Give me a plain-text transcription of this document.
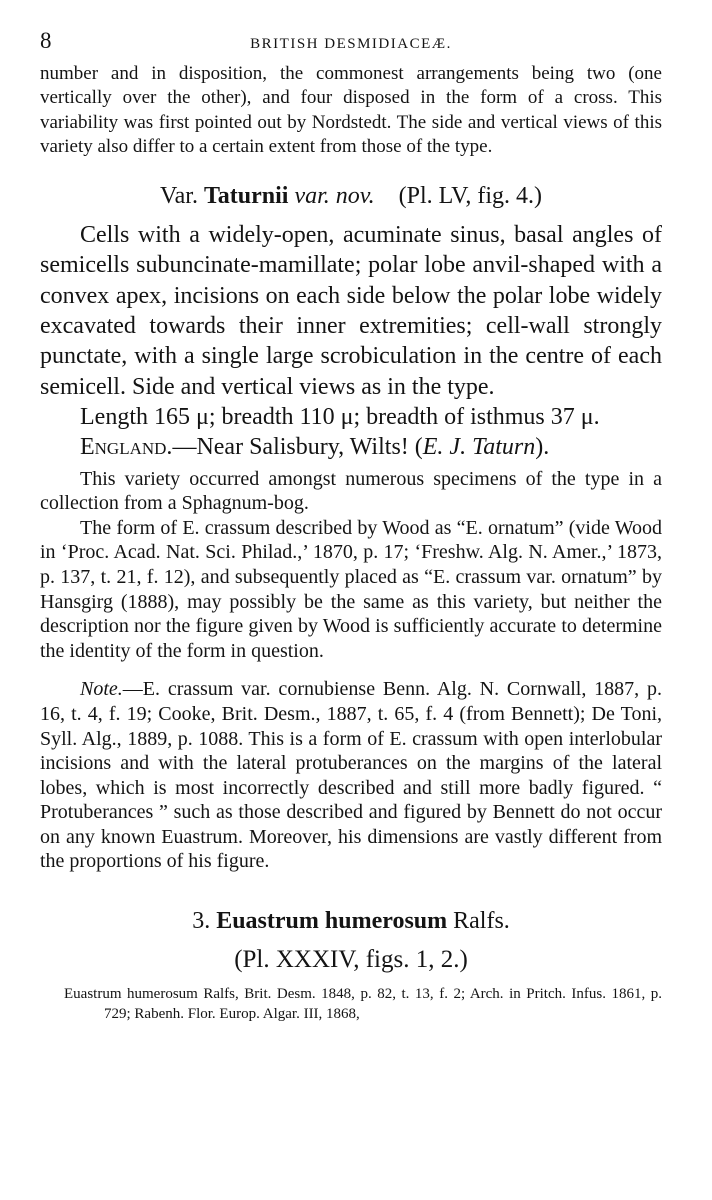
8	BRITISH DESMIDIACEÆ.

number and in disposition, the commonest arrangements being two (one vertically over the other), and four disposed in the form of a cross. This variability was first pointed out by Nordstedt. The side and vertical views of this variety also differ to a certain extent from those of the type.

Var. Taturnii var. nov. (Pl. LV, fig. 4.)

Cells with a widely-open, acuminate sinus, basal angles of semicells subuncinate-mamillate; polar lobe anvil-shaped with a convex apex, incisions on each side below the polar lobe widely excavated towards their inner extremities; cell-wall strongly punctate, with a single large scrobiculation in the centre of each semicell. Side and vertical views as in the type.

Length 165 μ; breadth 110 μ; breadth of isthmus 37 μ.

England.—Near Salisbury, Wilts! (E. J. Taturn).

This variety occurred amongst numerous specimens of the type in a collection from a Sphagnum-bog.

The form of E. crassum described by Wood as “E. ornatum” (vide Wood in ‘Proc. Acad. Nat. Sci. Philad.,’ 1870, p. 17; ‘Freshw. Alg. N. Amer.,’ 1873, p. 137, t. 21, f. 12), and subsequently placed as “E. crassum var. ornatum” by Hansgirg (1888), may possibly be the same as this variety, but neither the description nor the figure given by Wood is sufficiently accurate to determine the identity of the form in question.

Note.—E. crassum var. cornubiense Benn. Alg. N. Cornwall, 1887, p. 16, t. 4, f. 19; Cooke, Brit. Desm., 1887, t. 65, f. 4 (from Bennett); De Toni, Syll. Alg., 1889, p. 1088. This is a form of E. crassum with open interlobular incisions and with the lateral protuberances on the margins of the lateral lobes, which is most incorrectly described and still more badly figured. “ Protuberances ” such as those described and figured by Bennett do not occur on any known Euastrum. Moreover, his dimensions are vastly different from the proportions of his figure.

3. Euastrum humerosum Ralfs.
(Pl. XXXIV, figs. 1, 2.)

Euastrum humerosum Ralfs, Brit. Desm. 1848, p. 82, t. 13, f. 2; Arch. in Pritch. Infus. 1861, p. 729; Rabenh. Flor. Europ. Algar. III, 1868,
